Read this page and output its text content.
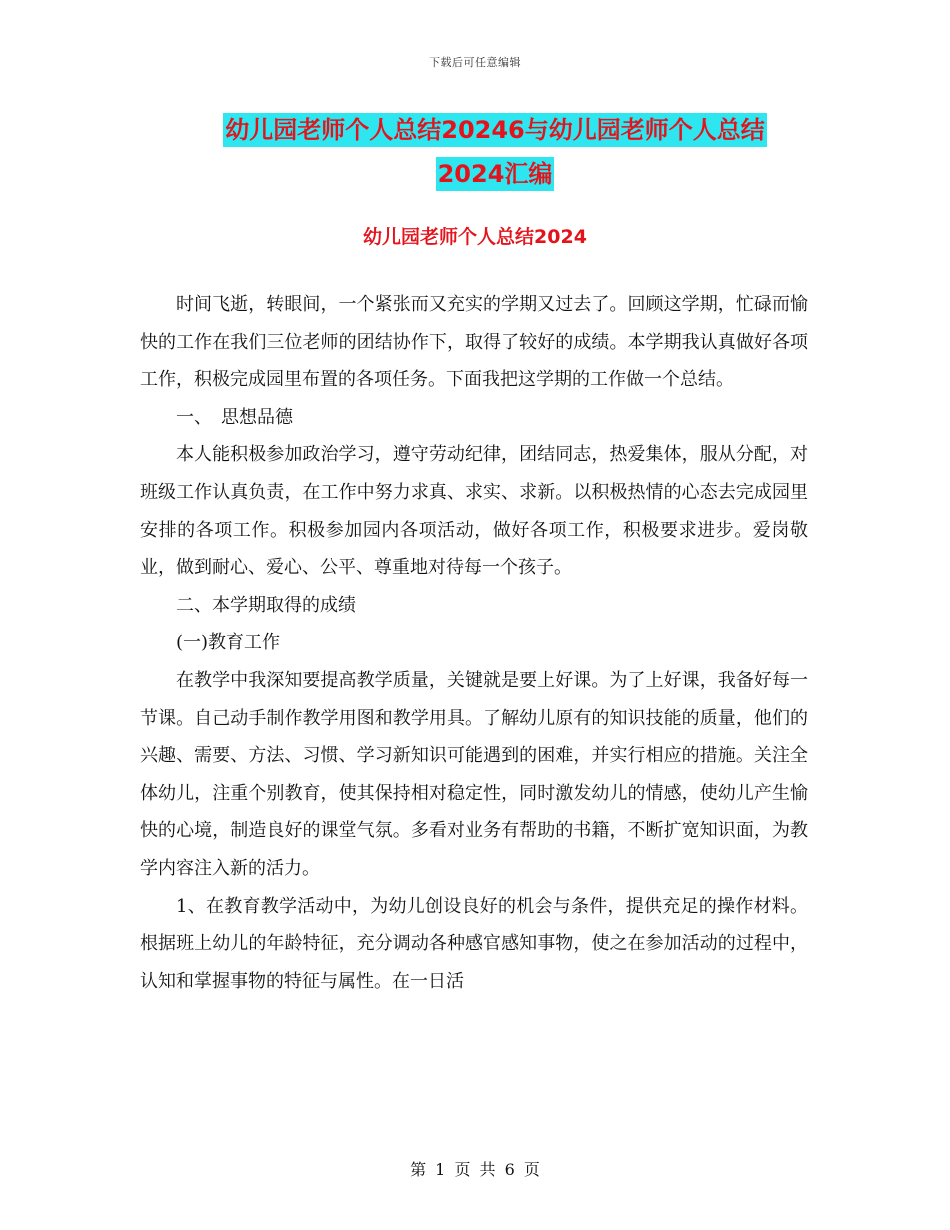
下载后可任意编辑
幼儿园老师个人总结20246与幼儿园老师个人总结
2024汇编
幼儿园老师个人总结2024

时间飞逝，转眼间，一个紧张而又充实的学期又过去了。回顾这学期，忙碌而愉快的工作在我们三位老师的团结协作下，取得了较好的成绩。本学期我认真做好各项工作，积极完成园里布置的各项任务。下面我把这学期的工作做一个总结。

一、　思想品德

本人能积极参加政治学习，遵守劳动纪律，团结同志，热爱集体，服从分配，对班级工作认真负责，在工作中努力求真、求实、求新。以积极热情的心态去完成园里安排的各项工作。积极参加园内各项活动，做好各项工作，积极要求进步。爱岗敬业，做到耐心、爱心、公平、尊重地对待每一个孩子。

二、本学期取得的成绩

(一)教育工作

在教学中我深知要提高教学质量，关键就是要上好课。为了上好课，我备好每一节课。自己动手制作教学用图和教学用具。了解幼儿原有的知识技能的质量，他们的兴趣、需要、方法、习惯、学习新知识可能遇到的困难，并实行相应的措施。关注全体幼儿，注重个别教育，使其保持相对稳定性，同时激发幼儿的情感，使幼儿产生愉快的心境，制造良好的课堂气氛。多看对业务有帮助的书籍，不断扩宽知识面，为教学内容注入新的活力。

1、在教育教学活动中，为幼儿创设良好的机会与条件，提供充足的操作材料。根据班上幼儿的年龄特征，充分调动各种感官感知事物，使之在参加活动的过程中，认知和掌握事物的特征与属性。在一日活

第 1 页 共 6 页
